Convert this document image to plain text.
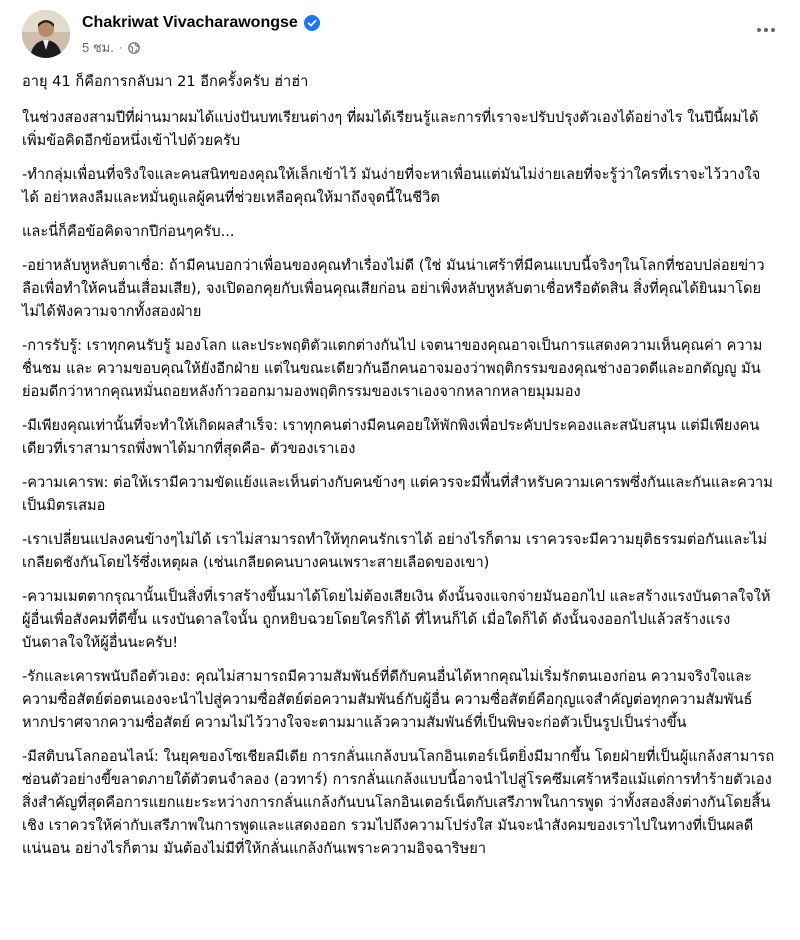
Chakriwat Vivacharawongse
5 ชม. ·

อายุ 41 ก็คือการกลับมา 21 อีกครั้งครับ ฮ่าฮ่า

ในช่วงสองสามปีที่ผ่านมาผมได้แบ่งปันบทเรียนต่างๆ ที่ผมได้เรียนรู้และการที่เราจะปรับปรุงตัวเองได้อย่างไร ในปีนี้ผมได้เพิ่มข้อคิดอีกข้อหนึ่งเข้าไปด้วยครับ

-ทำกลุ่มเพื่อนที่จริงใจและคนสนิทของคุณให้เล็กเข้าไว้ มันง่ายที่จะหาเพื่อนแต่มันไม่ง่ายเลยที่จะรู้ว่าใครที่เราจะไว้วางใจได้ อย่าหลงลืมและหมั่นดูแลผู้คนที่ช่วยเหลือคุณให้มาถึงจุดนี้ในชีวิต

และนี่ก็คือข้อคิดจากปีก่อนๆครับ...

-อย่าหลับหูหลับตาเชื่อ: ถ้ามีคนบอกว่าเพื่อนของคุณทำเรื่องไม่ดี (ใช่ มันน่าเศร้าที่มีคนแบบนี้จริงๆในโลกที่ชอบปล่อยข่าวลือเพื่อทำให้คนอื่นเสื่อมเสีย), จงเปิดอกคุยกับเพื่อนคุณเสียก่อน อย่าเพิ่งหลับหูหลับตาเชื่อหรือตัดสิน สิ่งที่คุณได้ยินมาโดยไม่ได้ฟังความจากทั้งสองฝ่าย

-การรับรู้: เราทุกคนรับรู้ มองโลก และประพฤติตัวแตกต่างกันไป เจตนาของคุณอาจเป็นการแสดงความเห็นคุณค่า ความชื่นชม และ ความขอบคุณให้ยังอีกฝ่าย แต่ในขณะเดียวกันอีกคนอาจมองว่าพฤติกรรมของคุณช่างอวดดีและอกตัญญู มันย่อมดีกว่าหากคุณหมั่นถอยหลังก้าวออกมามองพฤติกรรมของเราเองจากหลากหลายมุมมอง

-มีเพียงคุณเท่านั้นที่จะทำให้เกิดผลสำเร็จ: เราทุกคนต่างมีคนคอยให้พักพิงเพื่อประคับประคองและสนับสนุน แต่มีเพียงคนเดียวที่เราสามารถพึ่งพาได้มากที่สุดคือ- ตัวของเราเอง

-ความเคารพ: ต่อให้เรามีความขัดแย้งและเห็นต่างกับคนข้างๆ แต่ควรจะมีพื้นที่สำหรับความเคารพซึ่งกันและกันและความเป็นมิตรเสมอ

-เราเปลี่ยนแปลงคนข้างๆไม่ได้ เราไม่สามารถทำให้ทุกคนรักเราได้ อย่างไรก็ตาม เราควรจะมีความยุติธรรมต่อกันและไม่เกลียดชังกันโดยไร้ซึ่งเหตุผล (เช่นเกลียดคนบางคนเพราะสายเลือดของเขา)

-ความเมตตากรุณานั้นเป็นสิ่งที่เราสร้างขึ้นมาได้โดยไม่ต้องเสียเงิน ดังนั้นจงแจกจ่ายมันออกไป และสร้างแรงบันดาลใจให้ผู้อื่นเพื่อสังคมที่ดีขึ้น แรงบันดาลใจนั้น ถูกหยิบฉวยโดยใครก็ได้ ที่ไหนก็ได้ เมื่อใดก็ได้ ดังนั้นจงออกไปแล้วสร้างแรงบันดาลใจให้ผู้อื่นนะครับ!

-รักและเคารพนับถือตัวเอง: คุณไม่สามารถมีความสัมพันธ์ที่ดีกับคนอื่นได้หากคุณไม่เริ่มรักตนเองก่อน ความจริงใจและความซื่อสัตย์ต่อตนเองจะนำไปสู่ความซื่อสัตย์ต่อความสัมพันธ์กับผู้อื่น ความซื่อสัตย์คือกุญแจสำคัญต่อทุกความสัมพันธ์ หากปราศจากความซื่อสัตย์ ความไม่ไว้วางใจจะตามมาแล้วความสัมพันธ์ที่เป็นพิษจะก่อตัวเป็นรูปเป็นร่างขึ้น

-มีสติบนโลกออนไลน์: ในยุคของโซเชียลมีเดีย การกลั่นแกล้งบนโลกอินเตอร์เน็ตยิ่งมีมากขึ้น โดยฝ่ายที่เป็นผู้แกล้งสามารถซ่อนตัวอย่างขี้ขลาดภายใต้ตัวตนจำลอง (อวทาร์) การกลั่นแกล้งแบบนี้อาจนำไปสู่โรคซึมเศร้าหรือแม้แต่การทำร้ายตัวเอง สิ่งสำคัญที่สุดคือการแยกแยะระหว่างการกลั่นแกล้งกันบนโลกอินเตอร์เน็ตกับเสรีภาพในการพูด ว่าทั้งสองสิ่งต่างกันโดยสิ้นเชิง เราควรให้ค่ากับเสรีภาพในการพูดและแสดงออก รวมไปถึงความโปร่งใส มันจะนำสังคมของเราไปในทางที่เป็นผลดีแน่นอน อย่างไรก็ตาม มันต้องไม่มีที่ให้กลั่นแกล้งกันเพราะความอิจฉาริษยา
